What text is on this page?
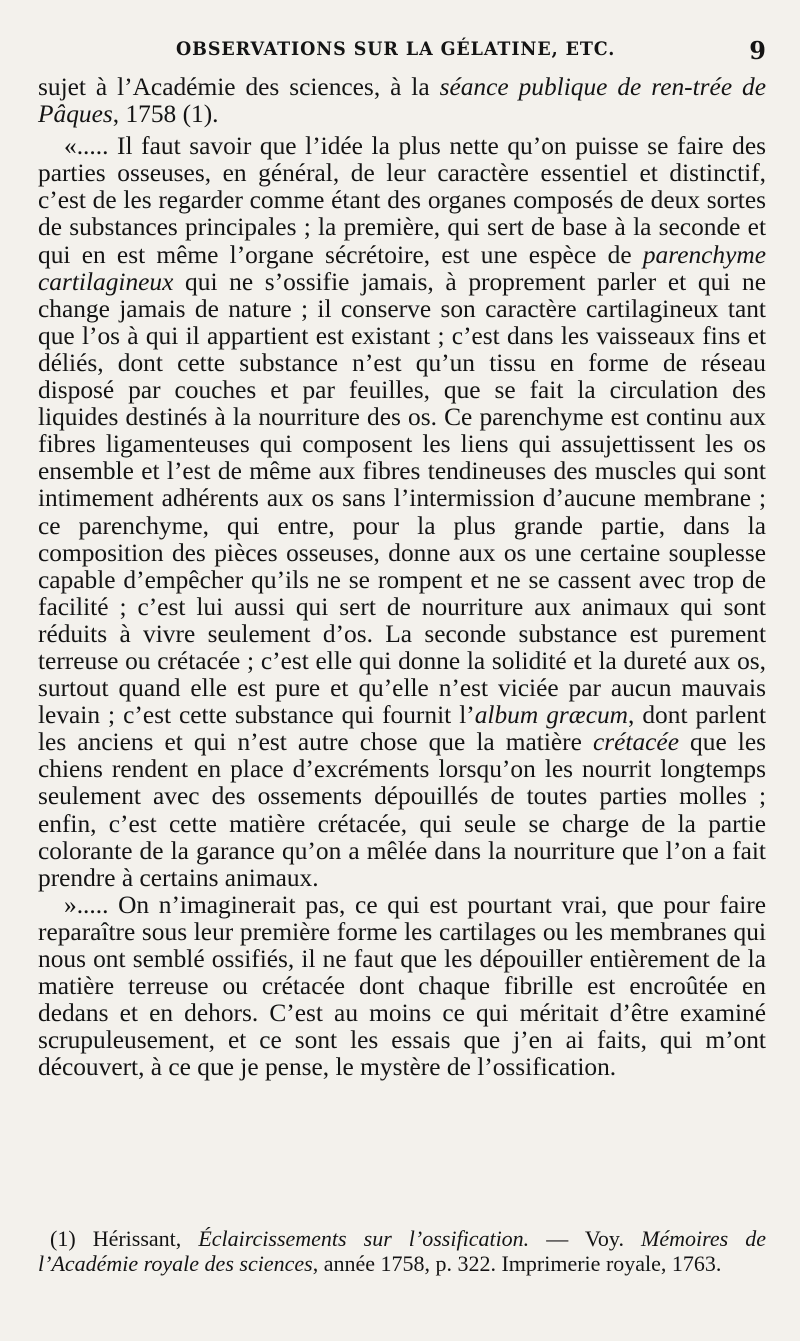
OBSERVATIONS SUR LA GÉLATINE, ETC.	9

sujet à l’Académie des sciences, à la séance publique de ren-trée de Pâques, 1758 (1).

«..... Il faut savoir que l’idée la plus nette qu’on puisse se faire des parties osseuses, en général, de leur caractère essentiel et distinctif, c’est de les regarder comme étant des organes composés de deux sortes de substances principales ; la première, qui sert de base à la seconde et qui en est même l’organe sécrétoire, est une espèce de parenchyme cartilagineux qui ne s’ossifie jamais, à proprement parler et qui ne change jamais de nature ; il conserve son caractère cartilagineux tant que l’os à qui il appartient est existant ; c’est dans les vaisseaux fins et déliés, dont cette substance n’est qu’un tissu en forme de réseau disposé par couches et par feuilles, que se fait la circulation des liquides destinés à la nourriture des os. Ce parenchyme est continu aux fibres ligamenteuses qui composent les liens qui assujettissent les os ensemble et l’est de même aux fibres tendineuses des muscles qui sont intimement adhérents aux os sans l’intermission d’aucune membrane ; ce parenchyme, qui entre, pour la plus grande partie, dans la composition des pièces osseuses, donne aux os une certaine souplesse capable d’empêcher qu’ils ne se rompent et ne se cassent avec trop de facilité ; c’est lui aussi qui sert de nourriture aux animaux qui sont réduits à vivre seulement d’os. La seconde substance est purement terreuse ou crétacée ; c’est elle qui donne la solidité et la dureté aux os, surtout quand elle est pure et qu’elle n’est viciée par aucun mauvais levain ; c’est cette substance qui fournit l’album græcum, dont parlent les anciens et qui n’est autre chose que la matière crétacée que les chiens rendent en place d’excréments lorsqu’on les nourrit longtemps seulement avec des ossements dépouillés de toutes parties molles ; enfin, c’est cette matière crétacée, qui seule se charge de la partie colorante de la garance qu’on a mêlée dans la nourriture que l’on a fait prendre à certains animaux.

»..... On n’imaginerait pas, ce qui est pourtant vrai, que pour faire reparaître sous leur première forme les cartilages ou les membranes qui nous ont semblé ossifiés, il ne faut que les dépouiller entièrement de la matière terreuse ou crétacée dont chaque fibrille est encroûtée en dedans et en dehors. C’est au moins ce qui méritait d’être examiné scrupuleusement, et ce sont les essais que j’en ai faits, qui m’ont découvert, à ce que je pense, le mystère de l’ossification.

(1) Hérissant, Éclaircissements sur l’ossification. — Voy. Mémoires de l’Académie royale des sciences, année 1758, p. 322. Imprimerie royale, 1763.
